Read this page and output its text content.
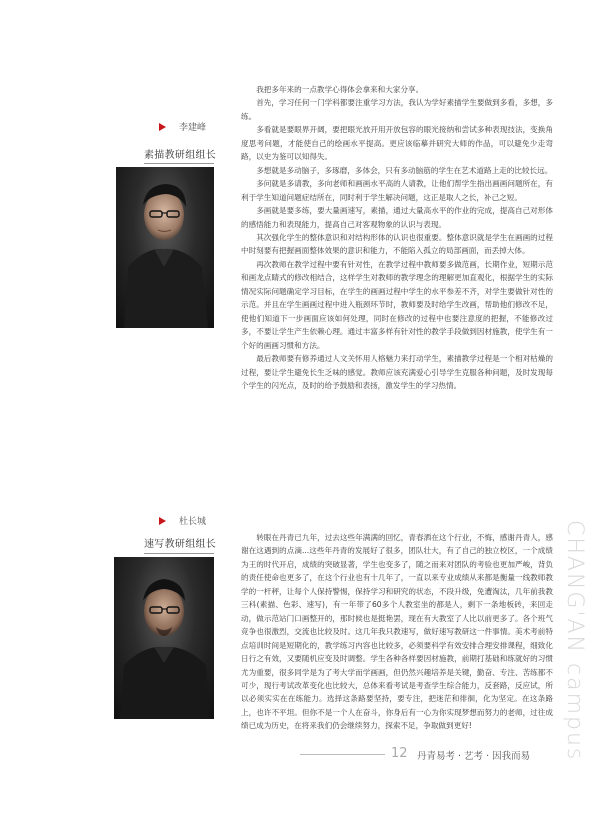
我把多年来的一点教学心得体会拿来和大家分享。

首先，学习任何一门学科都要注重学习方法，我认为学好素描学生要做到多看，多想，多练。

多看就是要眼界开阔，要把眼光放开用开放包容的眼光接纳和尝试多种表现技法，变换角度思考问题，才能使自己的绘画水平提高。更应该临摹并研究大师的作品，可以避免少走弯路，以史为鉴可以知得失。

多想就是多动脑子，多琢磨，多体会，只有多动脑筋的学生在艺术道路上走的比较长远。

多问就是多请教，多向老师和画画水平高的人请教，让他们帮学生指出画画问题所在，有利于学生知道问题症结所在，同时利于学生解决问题，这正是取人之长，补己之短。

多画就是要多练，要大量画速写，素描，通过大量高水平的作业的完成，提高自己对形体的感悟能力和表现能力，提高自己对客观物象的认识与表现。

其次强化学生的整体意识和对结构形体的认识也很重要。整体意识就是学生在画画的过程中时刻要有把握画面整体效果的意识和能力，不能陷入孤立的局部画面，而丢掉大体。

再次教师在教学过程中要有针对性，在教学过程中教师要多做范画，长期作业，短期示范和画龙点睛式的修改相结合，这样学生对教师的教学理念的理解更加直观化，根据学生的实际情况实际问题确定学习目标，在学生的画画过程中学生的水平参差不齐，对学生要做针对性的示范。并且在学生画画过程中进入瓶颈环节时，教师要及时给学生改画，帮助他们修改不足，使他们知道下一步画面应该如何处理，同时在修改的过程中也要注意度的把握，不能修改过多，不要让学生产生依赖心理。通过丰富多样有针对性的教学手段做到因材施教，使学生有一个好的画画习惯和方法。

最后教师要有修养通过人文关怀用人格魅力来打动学生，素描教学过程是一个相对枯燥的过程，要让学生避免长生乏味的感觉。教师应该充满爱心引导学生克服各种问题，及时发现每个学生的闪光点，及时的给予鼓励和表扬，激发学生的学习热情。

李建峰
素描教研组组长

转眼在丹青已九年，过去这些年满满的回忆，青春洒在这个行业，不悔，感谢丹青人，感谢在这遇到的点滴...这些年丹青的发展好了很多，团队壮大，有了自己的独立校区，一个成绩为王的时代开启，成绩的突破显著，学生也变多了，随之而来对团队的考验也更加严峻，背负的责任使命也更多了，在这个行业也有十几年了，一直以来专业成绩从来都是衡量一线教师教学的一杆秤，让每个人保持警惕，保持学习和研究的状态，不段升级，免遭淘汰，几年前我教三科(素描、色彩、速写)，有一年带了60多个人教室坐的都是人，剩下一条地板砖，来回走动，做示范站门口画整开的，那时候也是挺艳罢，现在有大教室了人比以前更多了。各个班气竞争也很激烈，交流也比较及时。这几年我只教速写，做好速写教研这一件事情。美术考前特点培训时间是短期化的，教学练习内容也比较多，必须要科学有效安排合理安排课程，细致化日行之有效，又要随机应变及时调整。学生各种各样要因材施教，前期打基础和练就好的习惯尤为重要，很多同学是为了考大学而学画画，但仍然兴趣培养是关键，勤奋、专注、苦练都不可少，现行考试改革变化也比较大，总体来看考试是考查学生综合能力，反套路，反应试，所以必须实实在在练能力。选择这条路要坚持，要专注，把迷茫和徘徊，化为坚定。在这条路上，也许不平坦。但你不是一个人在奋斗，你身后有一心为你实现梦想而努力的老师，过往成绩已成为历史，在将来我们仍会继续努力，探索不足，争取做到更好!

杜长城
速写教研组组长	CHANG'AN campus
12 丹青易考 · 艺考 · 因我而易
